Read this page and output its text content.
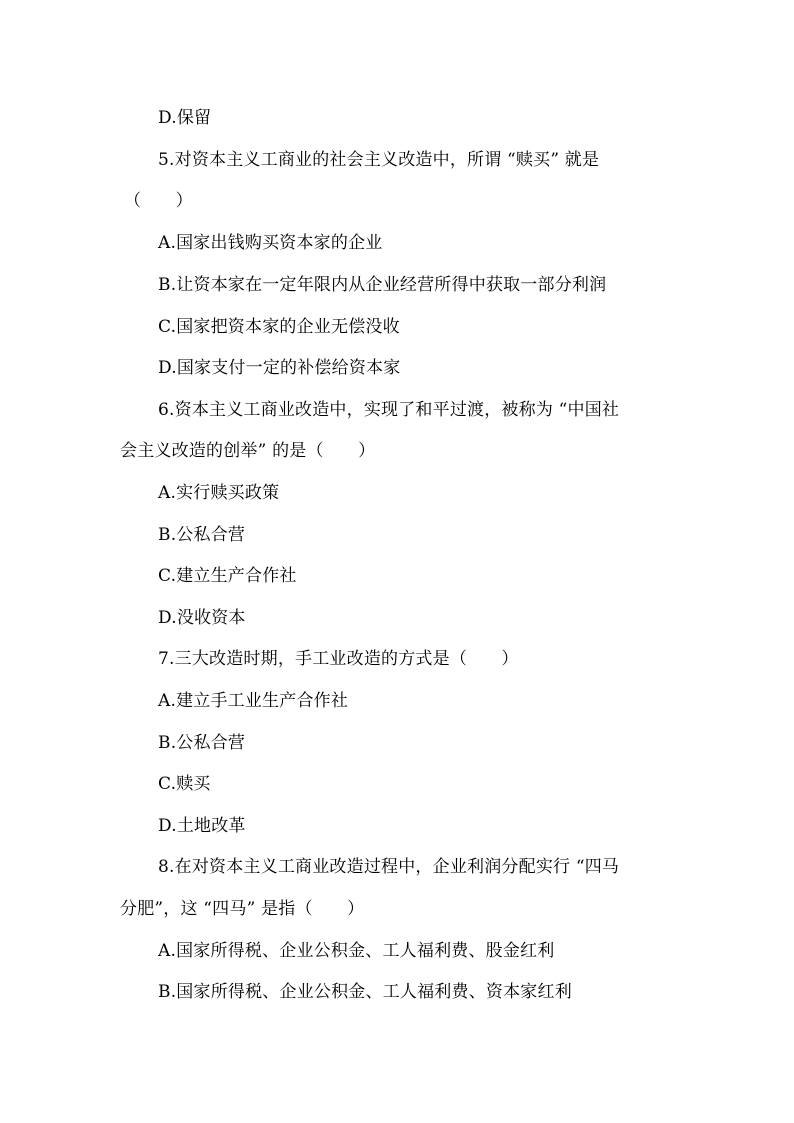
D.保留
5.对资本主义工商业的社会主义改造中，所谓 “赎买” 就是
（　　）
A.国家出钱购买资本家的企业
B.让资本家在一定年限内从企业经营所得中获取一部分利润
C.国家把资本家的企业无偿没收
D.国家支付一定的补偿给资本家
6.资本主义工商业改造中，实现了和平过渡，被称为 “中国社
会主义改造的创举” 的是（　　）
A.实行赎买政策
B.公私合营
C.建立生产合作社
D.没收资本
7.三大改造时期，手工业改造的方式是（　　）
A.建立手工业生产合作社
B.公私合营
C.赎买
D.土地改革
8.在对资本主义工商业改造过程中，企业利润分配实行 “四马
分肥”，这 “四马” 是指（　　）
A.国家所得税、企业公积金、工人福利费、股金红利
B.国家所得税、企业公积金、工人福利费、资本家红利
